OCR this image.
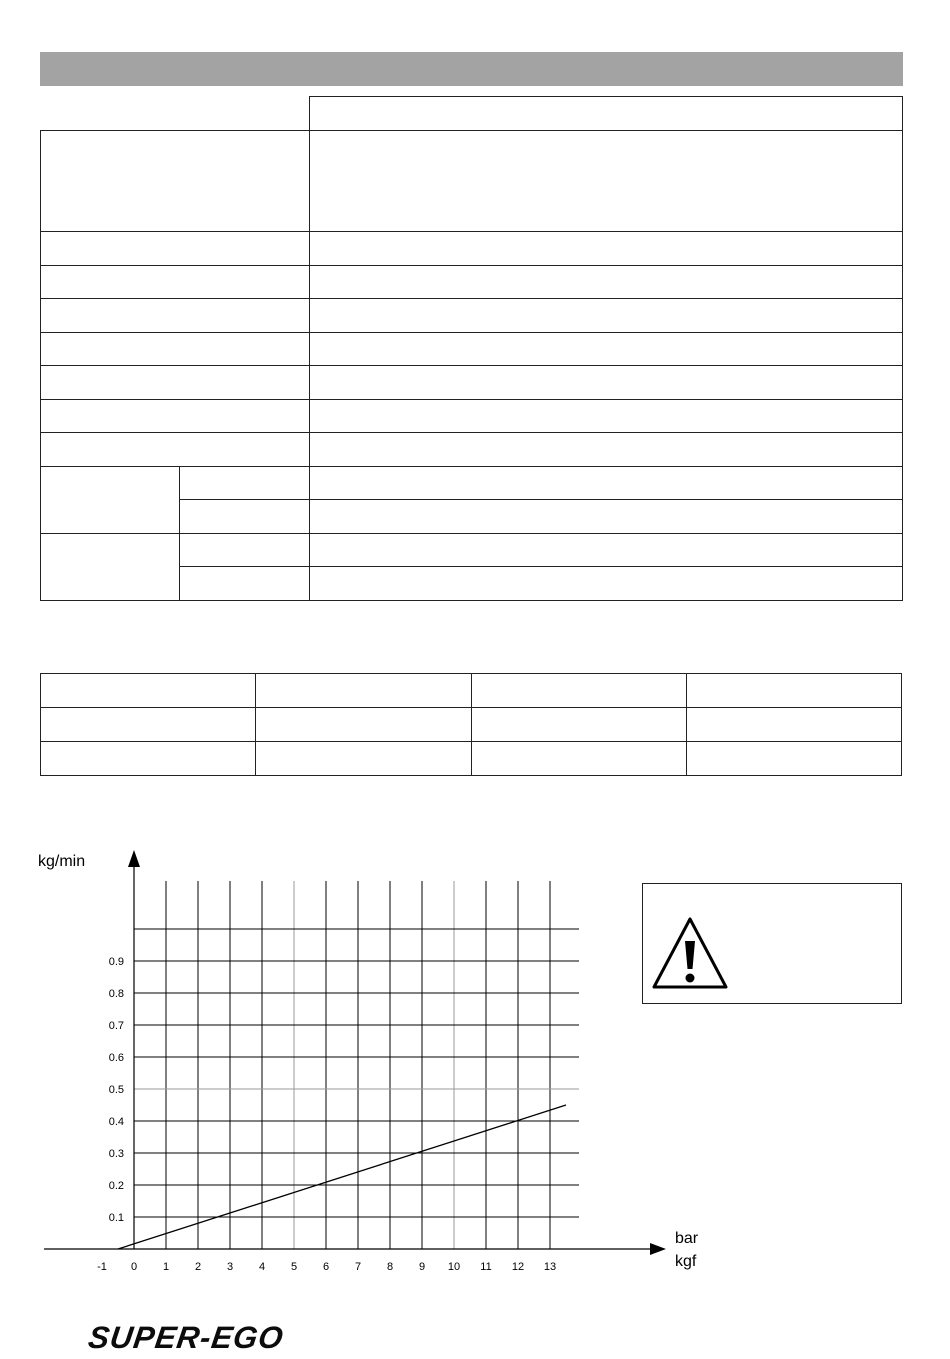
-1 0 1 2 3 4 5 6 7 8 9 10 11 12 13
0.1
0.2
0.3
0.4
0.5
0.6
0.7
0.8
0.9
kg/min
bar
kgf
SUPER-EGO
